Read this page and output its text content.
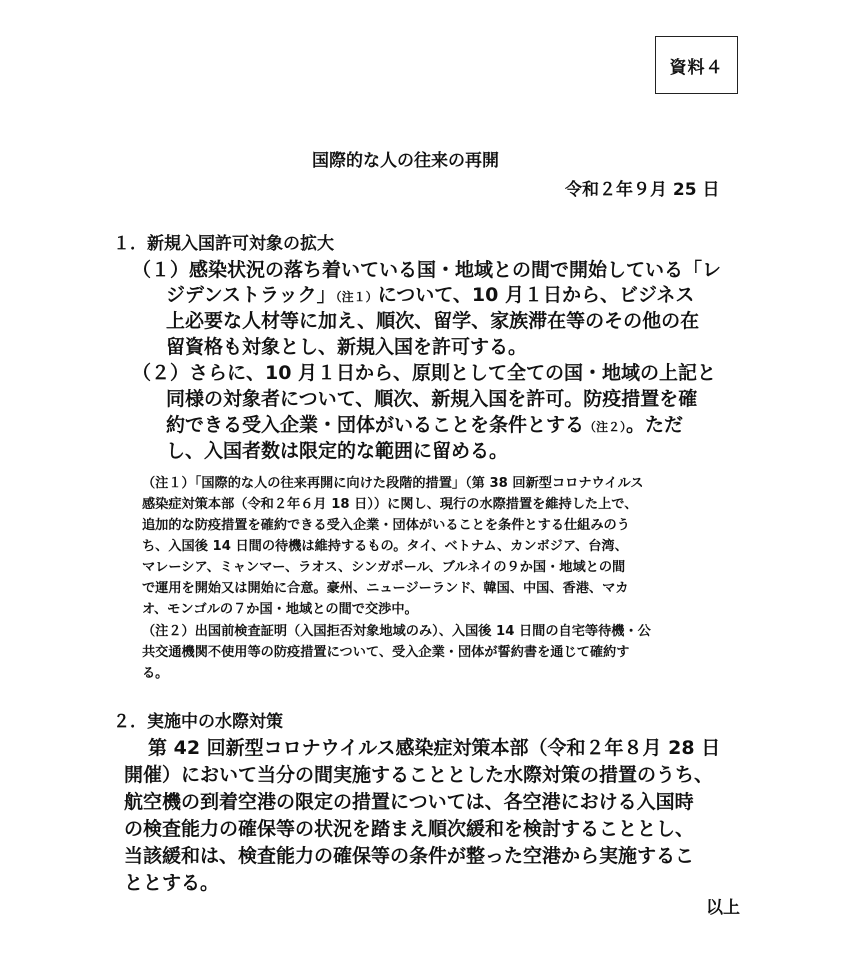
資料４
国際的な人の往来の再開
令和２年９月 25 日
１．新規入国許可対象の拡大
（１）感染状況の落ち着いている国・地域との間で開始している「レ
ジデンストラック」（注１）について、10 月１日から、ビジネス
上必要な人材等に加え、順次、留学、家族滞在等のその他の在
留資格も対象とし、新規入国を許可する。
（２）さらに、10 月１日から、原則として全ての国・地域の上記と
同様の対象者について、順次、新規入国を許可。防疫措置を確
約できる受入企業・団体がいることを条件とする（注２）。ただ
し、入国者数は限定的な範囲に留める。
（注１）「国際的な人の往来再開に向けた段階的措置」（第 38 回新型コロナウイルス
感染症対策本部（令和２年６月 18 日））に関し、現行の水際措置を維持した上で、
追加的な防疫措置を確約できる受入企業・団体がいることを条件とする仕組みのう
ち、入国後 14 日間の待機は維持するもの。タイ、ベトナム、カンボジア、台湾、
マレーシア、ミャンマー、ラオス、シンガポール、ブルネイの９か国・地域との間
で運用を開始又は開始に合意。豪州、ニュージーランド、韓国、中国、香港、マカ
オ、モンゴルの７か国・地域との間で交渉中。
（注２）出国前検査証明（入国拒否対象地域のみ）、入国後 14 日間の自宅等待機・公
共交通機関不使用等の防疫措置について、受入企業・団体が誓約書を通じて確約す
る。
２．実施中の水際対策
第 42 回新型コロナウイルス感染症対策本部（令和２年８月 28 日
開催）において当分の間実施することとした水際対策の措置のうち、
航空機の到着空港の限定の措置については、各空港における入国時
の検査能力の確保等の状況を踏まえ順次緩和を検討することとし、
当該緩和は、検査能力の確保等の条件が整った空港から実施するこ
ととする。
以上
